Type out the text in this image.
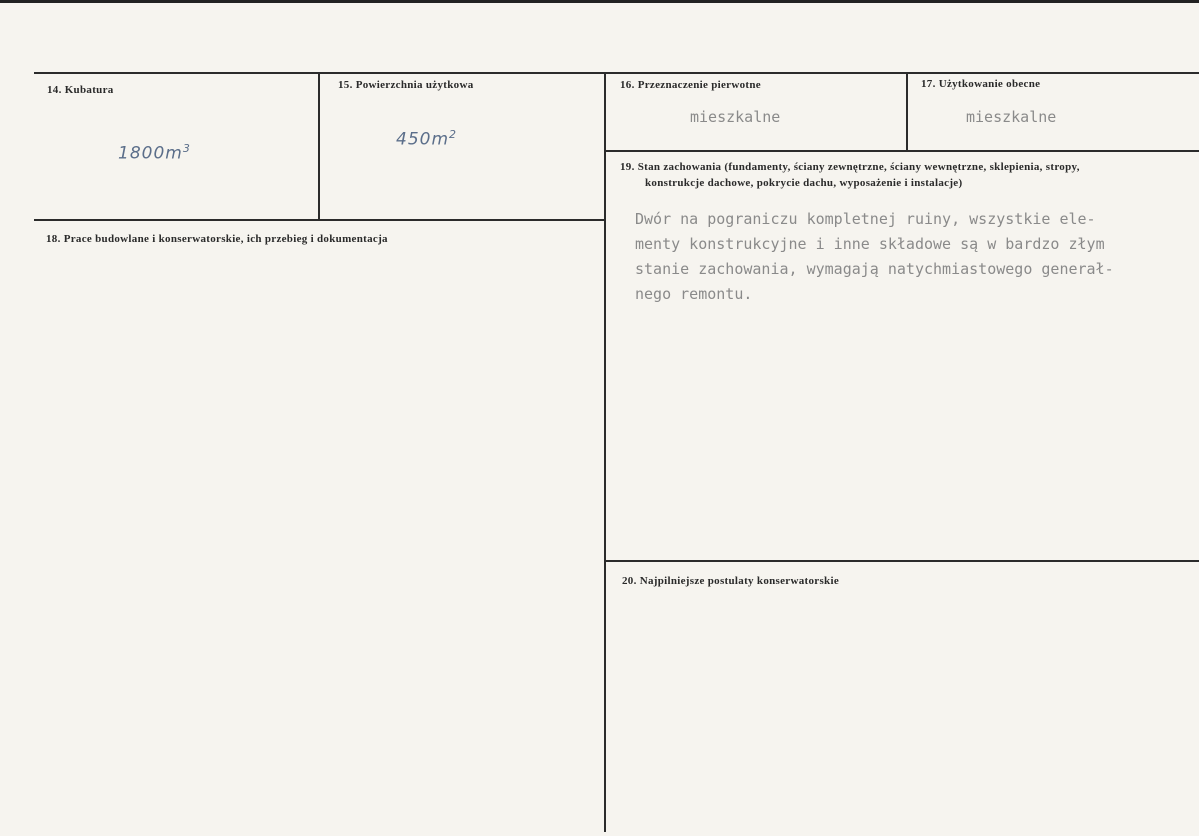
14. Kubatura
$1800m^3$
15. Powierzchnia użytkowa
$450m^2$
16. Przeznaczenie pierwotne
mieszkalne
17. Użytkowanie obecne
mieszkalne
18. Prace budowlane i konserwatorskie, ich przebieg i dokumentacja
19. Stan zachowania (fundamenty, ściany zewnętrzne, ściany wewnętrzne, sklepienia, stropy,
konstrukcje dachowe, pokrycie dachu, wyposażenie i instalacje)
Dwór na pograniczu kompletnej ruiny, wszystkie ele-
menty konstrukcyjne i inne składowe są w bardzo złym
stanie zachowania, wymagają natychmiastowego generał-
nego remontu.
20. Najpilniejsze postulaty konserwatorskie
